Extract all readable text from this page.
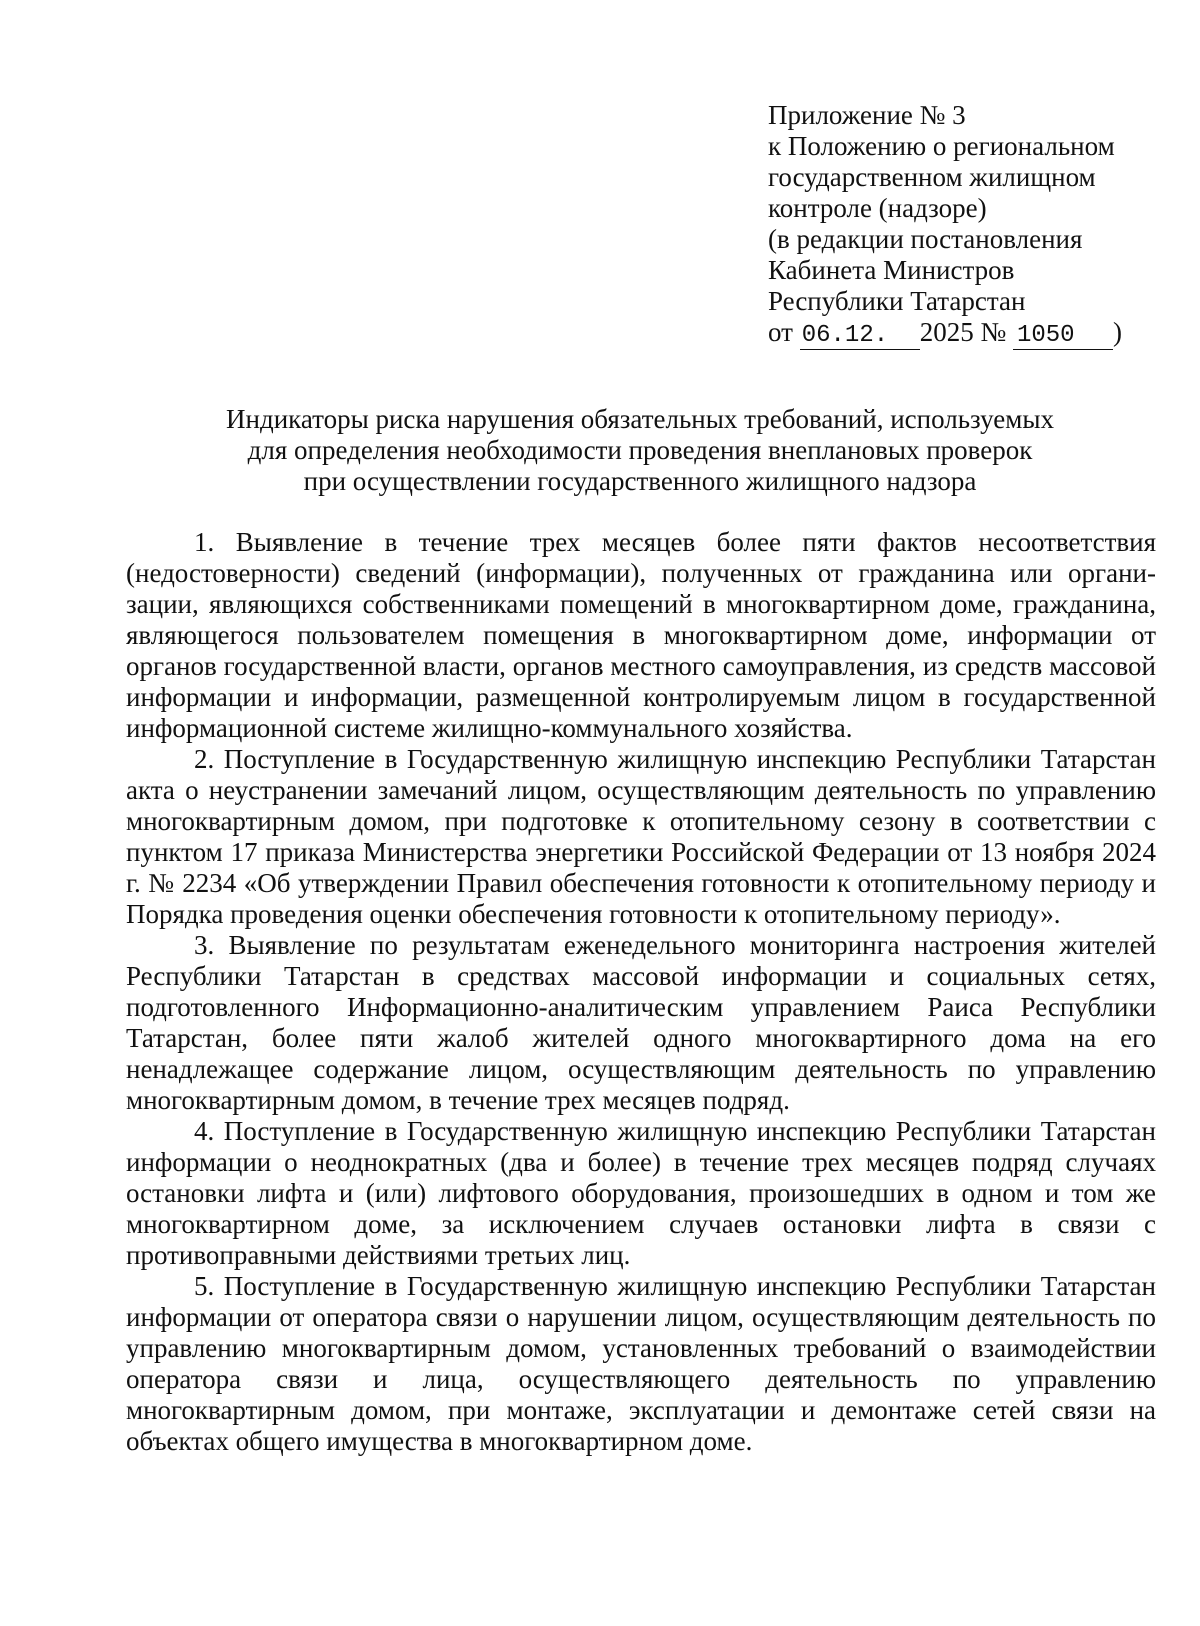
Приложение № 3
к Положению о региональном
государственном жилищном
контроле (надзоре)
(в редакции постановления
Кабинета Министров
Республики Татарстан
от 06.12. 2025 № 1050 )
Индикаторы риска нарушения обязательных требований, используемых
для определения необходимости проведения внеплановых проверок
при осуществлении государственного жилищного надзора

1. Выявление в течение трех месяцев более пяти фактов несоответствия (недостоверности) сведений (информации), полученных от гражданина или организации, являющихся собственниками помещений в многоквартирном доме, гражданина, являющегося пользователем помещения в многоквартирном доме, информации от органов государственной власти, органов местного самоуправления, из средств массовой информации и информации, размещенной контролируемым лицом в государственной информационной системе жилищно-коммунального хозяйства.

2. Поступление в Государственную жилищную инспекцию Республики Татарстан акта о неустранении замечаний лицом, осуществляющим деятельность по управлению многоквартирным домом, при подготовке к отопительному сезону в соответствии с пунктом 17 приказа Министерства энергетики Российской Федерации от 13 ноября 2024 г. № 2234 «Об утверждении Правил обеспечения готовности к отопительному периоду и Порядка проведения оценки обеспечения готовности к отопительному периоду».

3. Выявление по результатам еженедельного мониторинга настроения жителей Республики Татарстан в средствах массовой информации и социальных сетях, подготовленного Информационно-аналитическим управлением Раиса Республики Татарстан, более пяти жалоб жителей одного многоквартирного дома на его ненадлежащее содержание лицом, осуществляющим деятельность по управлению многоквартирным домом, в течение трех месяцев подряд.

4. Поступление в Государственную жилищную инспекцию Республики Татарстан информации о неоднократных (два и более) в течение трех месяцев подряд случаях остановки лифта и (или) лифтового оборудования, произошедших в одном и том же многоквартирном доме, за исключением случаев остановки лифта в связи с противоправными действиями третьих лиц.

5. Поступление в Государственную жилищную инспекцию Республики Татарстан информации от оператора связи о нарушении лицом, осуществляющим деятельность по управлению многоквартирным домом, установленных требований о взаимодействии оператора связи и лица, осуществляющего деятельность по управлению многоквартирным домом, при монтаже, эксплуатации и демонтаже сетей связи на объектах общего имущества в многоквартирном доме.
